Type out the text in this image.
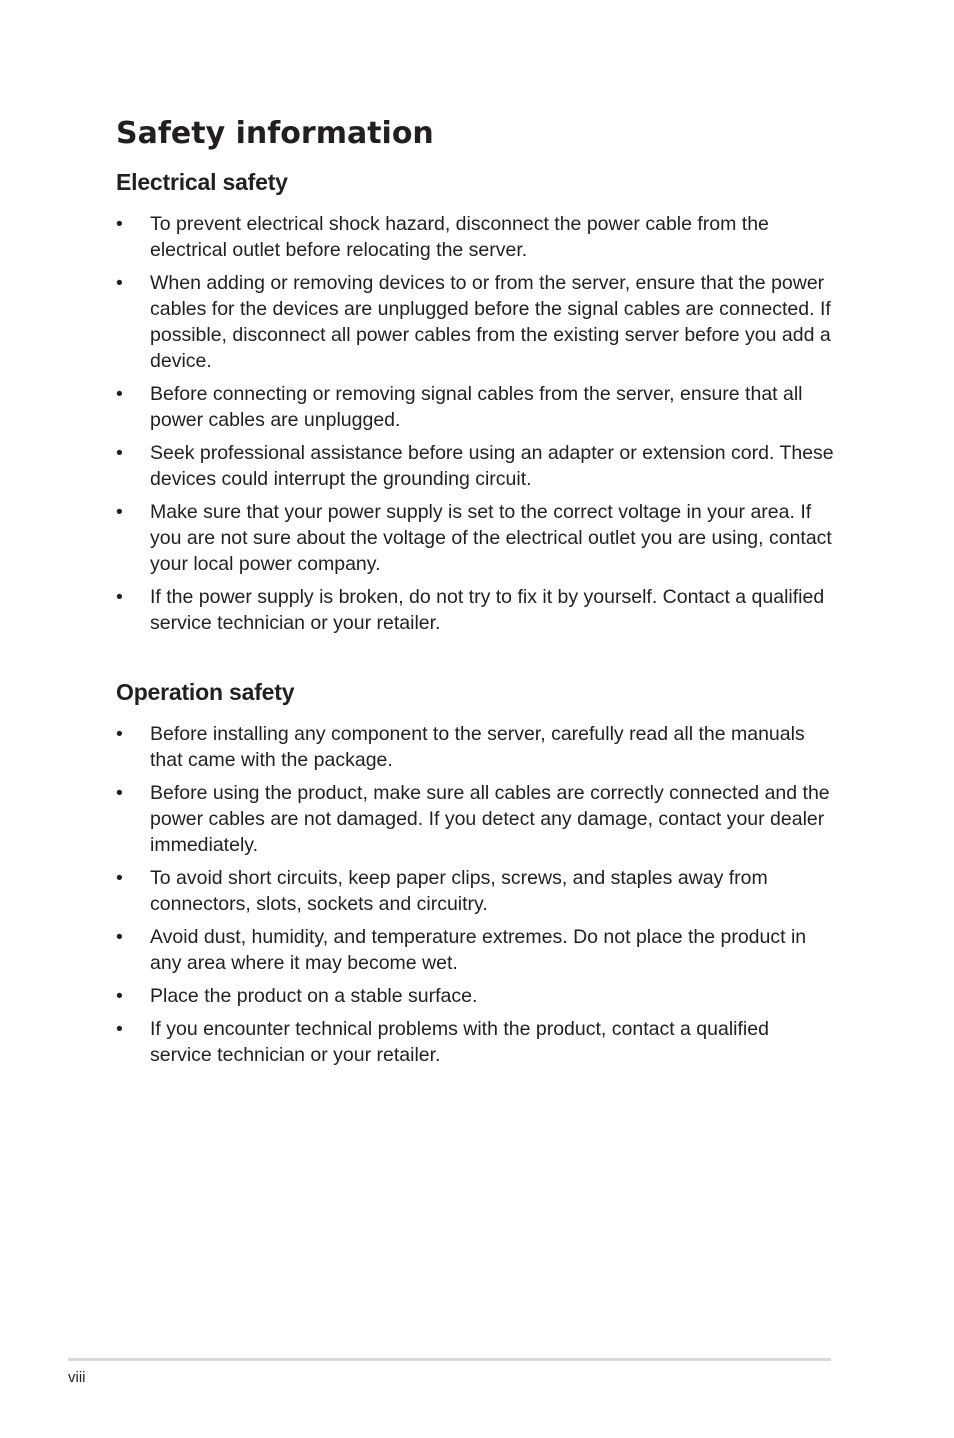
Safety information
Electrical safety
•	To prevent electrical shock hazard, disconnect the power cable from the electrical outlet before relocating the server.
•	When adding or removing devices to or from the server, ensure that the power cables for the devices are unplugged before the signal cables are connected. If possible, disconnect all power cables from the existing server before you add a device.
•	Before connecting or removing signal cables from the server, ensure that all power cables are unplugged.
•	Seek professional assistance before using an adapter or extension cord. These devices could interrupt the grounding circuit.
•	Make sure that your power supply is set to the correct voltage in your area. If you are not sure about the voltage of the electrical outlet you are using, contact your local power company.
•	If the power supply is broken, do not try to fix it by yourself. Contact a qualified service technician or your retailer.
Operation safety
•	Before installing any component to the server, carefully read all the manuals that came with the package.
•	Before using the product, make sure all cables are correctly connected and the power cables are not damaged. If you detect any damage, contact your dealer immediately.
•	To avoid short circuits, keep paper clips, screws, and staples away from connectors, slots, sockets and circuitry.
•	Avoid dust, humidity, and temperature extremes. Do not place the product in any area where it may become wet.
•	Place the product on a stable surface.
•	If you encounter technical problems with the product, contact a qualified service technician or your retailer.
viii
